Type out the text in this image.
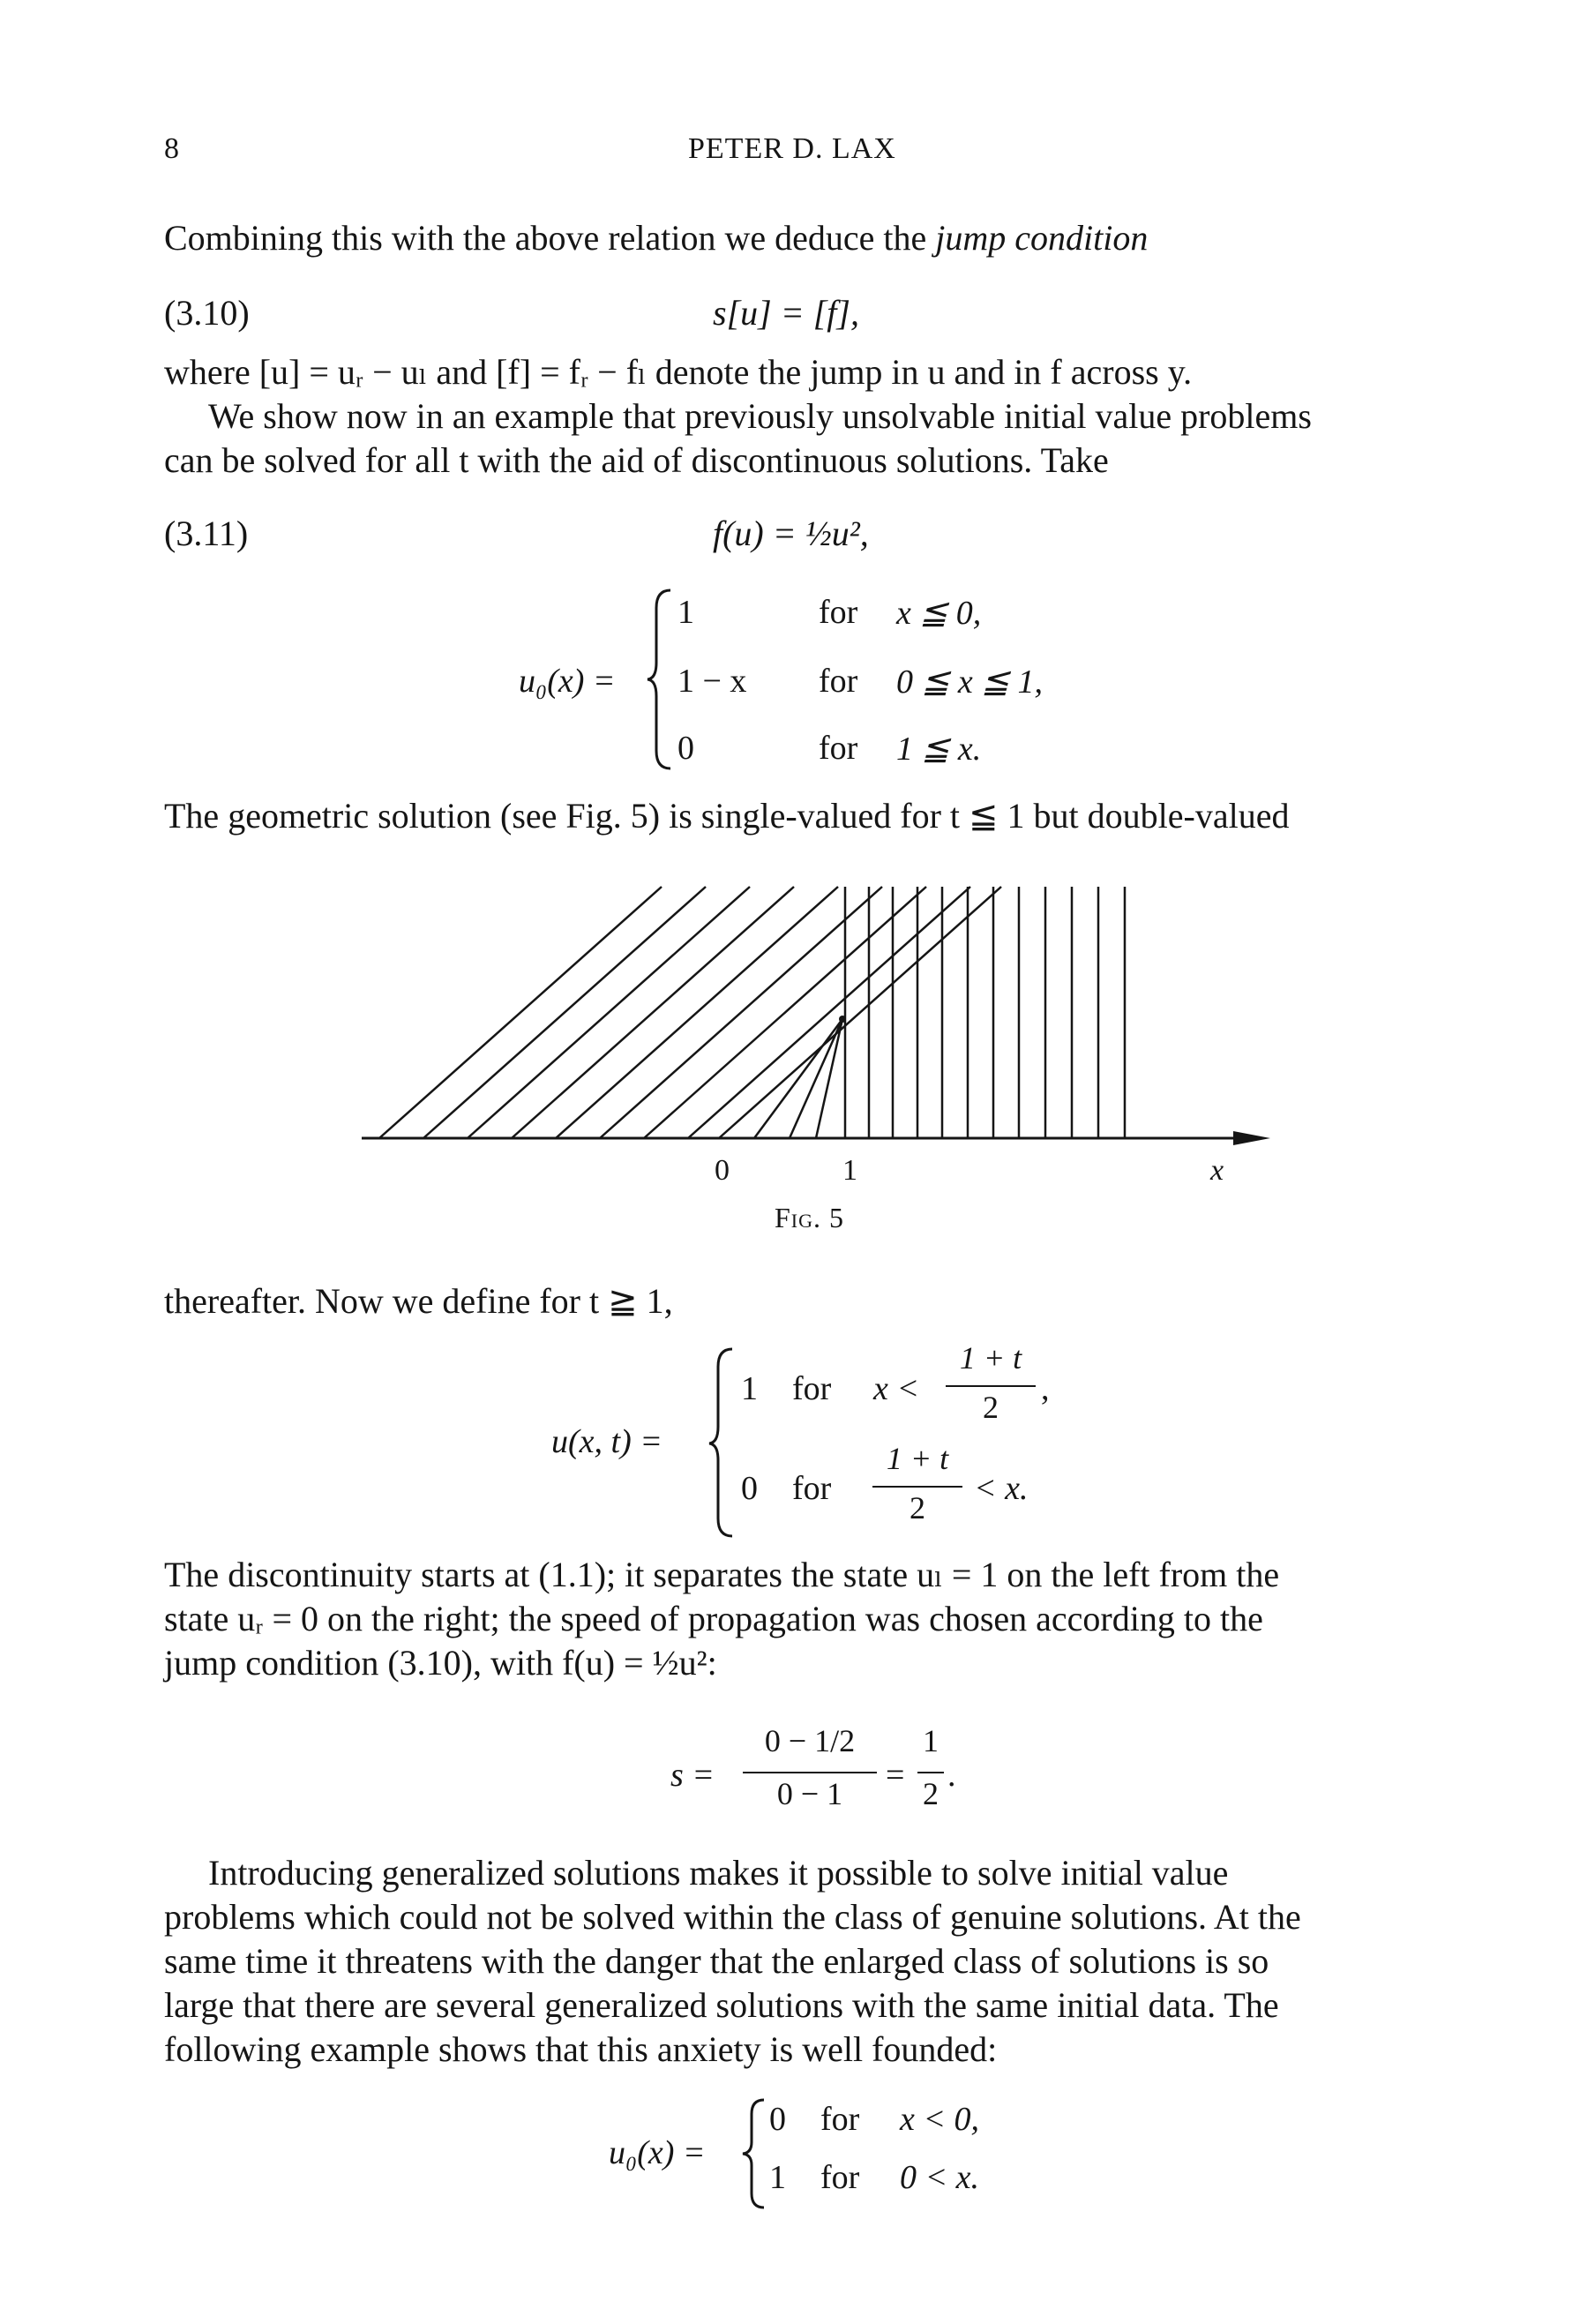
8	PETER D. LAX
Combining this with the above relation we deduce the jump condition
(3.10)	s[u] = [f],
where [u] = uᵣ − uₗ and [f] = fᵣ − fₗ denote the jump in u and in f across y.
We show now in an example that previously unsolvable initial value problems
can be solved for all t with the aid of discontinuous solutions. Take
(3.11)	f(u) = ½u²,
u₀(x) =
1	for x ≦ 0,
1 − x for 0 ≦ x ≦ 1,
0	for 1 ≦ x.
The geometric solution (see Fig. 5) is single-valued for t ≦ 1 but double-valued
0	1	x
Fig. 5
thereafter. Now we define for t ≧ 1,
u(x, t) =
1 for x <
1 + t
2	,
0 for
1 + t
2
< x.
The discontinuity starts at (1.1); it separates the state uₗ = 1 on the left from the
state uᵣ = 0 on the right; the speed of propagation was chosen according to the
jump condition (3.10), with f(u) = ½u²:
s =
0 − 1/2
0 − 1	=
1
2 .
Introducing generalized solutions makes it possible to solve initial value
problems which could not be solved within the class of genuine solutions. At the
same time it threatens with the danger that the enlarged class of solutions is so
large that there are several generalized solutions with the same initial data. The
following example shows that this anxiety is well founded:
u₀(x) =
0 for x < 0,
1 for 0 < x.
